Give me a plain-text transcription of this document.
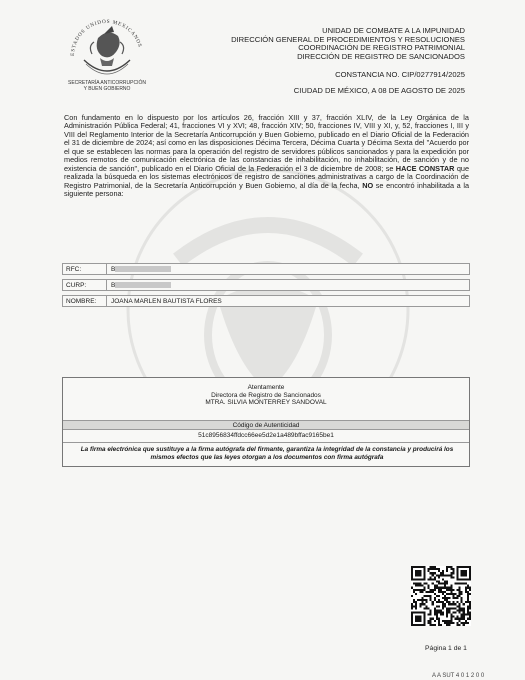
ESTADOS UNIDOS MEXICANOS
SECRETARÍA ANTICORRUPCIÓN
Y BUEN GOBIERNO
UNIDAD DE COMBATE A LA IMPUNIDAD
DIRECCIÓN GENERAL DE PROCEDIMIENTOS Y RESOLUCIONES
COORDINACIÓN DE REGISTRO PATRIMONIAL
DIRECCIÓN DE REGISTRO DE SANCIONADOS
CONSTANCIA NO. CIP/0277914/2025
CIUDAD DE MÉXICO, A 08 DE AGOSTO DE 2025
Con fundamento en lo dispuesto por los artículos 26, fracción XIII y 37, fracción XLIV, de la Ley Orgánica de la Administración Pública Federal; 41, fracciones VI y XVI; 48, fracción XIV; 50, fracciones IV, VIII y XI, y, 52, fracciones I, III y VIII del Reglamento Interior de la Secretaría Anticorrupción y Buen Gobierno, publicado en el Diario Oficial de la Federación el 31 de diciembre de 2024; así como en las disposiciones Décima Tercera, Décima Cuarta y Décima Sexta del "Acuerdo por el que se establecen las normas para la operación del registro de servidores públicos sancionados y para la expedición por medios remotos de comunicación electrónica de las constancias de inhabilitación, no inhabilitación, de sanción y de no existencia de sanción", publicado en el Diario Oficial de la Federación el 3 de diciembre de 2008; se HACE CONSTAR que realizada la búsqueda en los sistemas electrónicos de registro de sanciones administrativas a cargo de la Coordinación de Registro Patrimonial, de la Secretaría Anticorrupción y Buen Gobierno, al día de la fecha, NO se encontró inhabilitada a la siguiente persona:
RFC:	B
CURP:	B
NOMBRE:	JOANA MARLEN BAUTISTA FLORES
Atentamente
Directora de Registro de Sancionados
MTRA. SILVIA MONTERREY SANDOVAL
Código de Autenticidad
51c8956834ffdcc66ee5d2e1a489bffac9165be1
La firma electrónica que sustituye a la firma autógrafa del firmante, garantiza la integridad de la constancia y producirá los mismos efectos que las leyes otorgan a los documentos con firma autógrafa
Página 1 de 1
A A SUT 4 0 1 2 0 0
